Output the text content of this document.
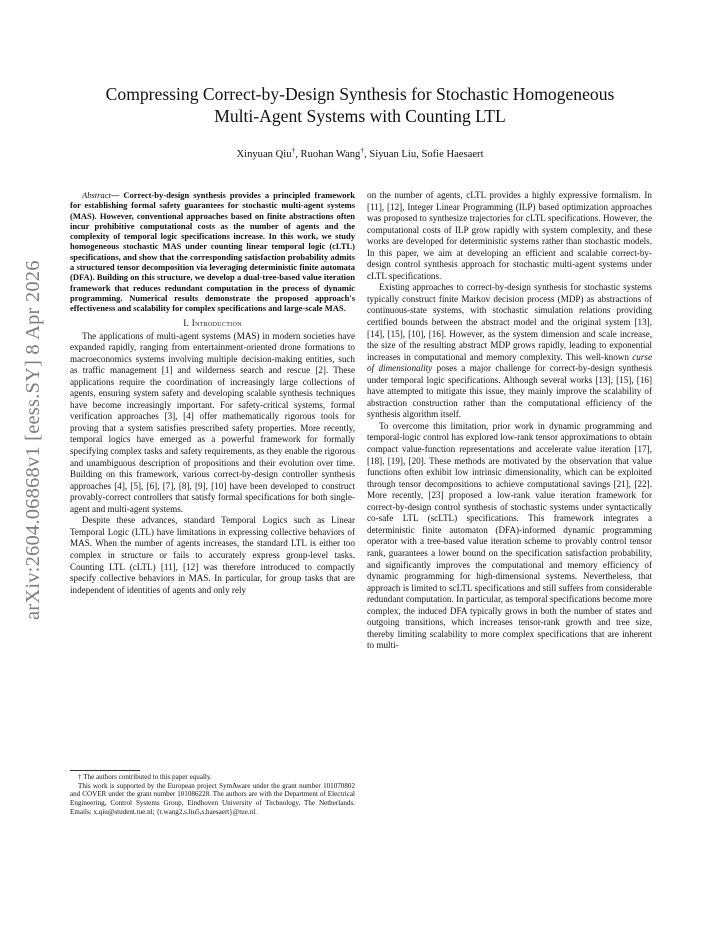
arXiv:2604.06868v1 [eess.SY] 8 Apr 2026
Compressing Correct-by-Design Synthesis for Stochastic Homogeneous
Multi-Agent Systems with Counting LTL
Xinyuan Qiu†, Ruohan Wang†, Siyuan Liu, Sofie Haesaert

Abstract— Correct-by-design synthesis provides a principled framework for establishing formal safety guarantees for stochastic multi-agent systems (MAS). However, conventional approaches based on finite abstractions often incur prohibitive computational costs as the number of agents and the complexity of temporal logic specifications increase. In this work, we study homogeneous stochastic MAS under counting linear temporal logic (cLTL) specifications, and show that the corresponding satisfaction probability admits a structured tensor decomposition via leveraging deterministic finite automata (DFA). Building on this structure, we develop a dual-tree-based value iteration framework that reduces redundant computation in the process of dynamic programming. Numerical results demonstrate the proposed approach's effectiveness and scalability for complex specifications and large-scale MAS.

I. Introduction

The applications of multi-agent systems (MAS) in modern societies have expanded rapidly, ranging from entertainment-oriented drone formations to macroeconomics systems involving multiple decision-making entities, such as traffic management [1] and wilderness search and rescue [2]. These applications require the coordination of increasingly large collections of agents, ensuring system safety and developing scalable synthesis techniques have become increasingly important. For safety-critical systems, formal verification approaches [3], [4] offer mathematically rigorous tools for proving that a system satisfies prescribed safety properties. More recently, temporal logics have emerged as a powerful framework for formally specifying complex tasks and safety requirements, as they enable the rigorous and unambiguous description of propositions and their evolution over time. Building on this framework, various correct-by-design controller synthesis approaches [4], [5], [6], [7], [8], [9], [10] have been developed to construct provably-correct controllers that satisfy formal specifications for both single-agent and multi-agent systems.

Despite these advances, standard Temporal Logics such as Linear Temporal Logic (LTL) have limitations in expressing collective behaviors of MAS. When the number of agents increases, the standard LTL is either too complex in structure or fails to accurately express group-level tasks. Counting LTL (cLTL) [11], [12] was therefore introduced to compactly specify collective behaviors in MAS. In particular, for group tasks that are independent of identities of agents and only rely

† The authors contributed to this paper equally.

This work is supported by the European project SymAware under the grant number 101070802 and COVER under the grant number 101086228. The authors are with the Department of Electrical Engineering, Control Systems Group, Eindhoven University of Technology, The Netherlands. Emails: x.qiu@student.tue.nl; {r.wang2,s.liu5,s.haesaert}@tue.nl.

on the number of agents, cLTL provides a highly expressive formalism. In [11], [12], Integer Linear Programming (ILP) based optimization approaches was proposed to synthesize trajectories for cLTL specifications. However, the computational costs of ILP grow rapidly with system complexity, and these works are developed for deterministic systems rather than stochastic models. In this paper, we aim at developing an efficient and scalable correct-by-design control synthesis approach for stochastic multi-agent systems under cLTL specifications.

Existing approaches to correct-by-design synthesis for stochastic systems typically construct finite Markov decision process (MDP) as abstractions of continuous-state systems, with stochastic simulation relations providing certified bounds between the abstract model and the original system [13], [14], [15], [10], [16]. However, as the system dimension and scale increase, the size of the resulting abstract MDP grows rapidly, leading to exponential increases in computational and memory complexity. This well-known curse of dimensionality poses a major challenge for correct-by-design synthesis under temporal logic specifications. Although several works [13], [15], [16] have attempted to mitigate this issue, they mainly improve the scalability of abstraction construction rather than the computational efficiency of the synthesis algorithm itself.

To overcome this limitation, prior work in dynamic programming and temporal-logic control has explored low-rank tensor approximations to obtain compact value-function representations and accelerate value iteration [17], [18], [19], [20]. These methods are motivated by the observation that value functions often exhibit low intrinsic dimensionality, which can be exploited through tensor decompositions to achieve computational savings [21], [22]. More recently, [23] proposed a low-rank value iteration framework for correct-by-design control synthesis of stochastic systems under syntactically co-safe LTL (scLTL) specifications. This framework integrates a deterministic finite automaton (DFA)-informed dynamic programming operator with a tree-based value iteration scheme to provably control tensor rank, guarantees a lower bound on the specification satisfaction probability, and significantly improves the computational and memory efficiency of dynamic programming for high-dimensional systems. Nevertheless, that approach is limited to scLTL specifications and still suffers from considerable redundant computation. In particular, as temporal specifications become more complex, the induced DFA typically grows in both the number of states and outgoing transitions, which increases tensor-rank growth and tree size, thereby limiting scalability to more complex specifications that are inherent to multi-
